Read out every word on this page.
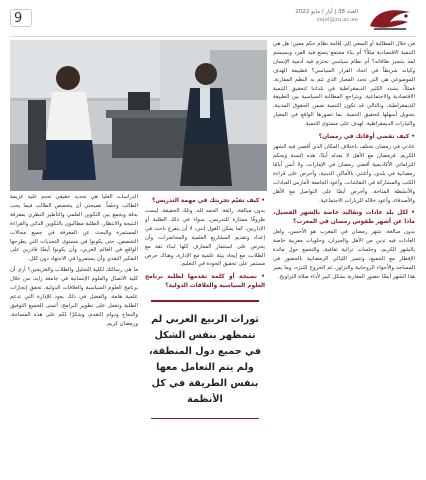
9	العدد 38 | أيار / مايو 2022
zajel@zu.ac.ae

من خلال المطالبة أو السعي إلى إقامة نظام حكم معين؛ هل هي التنمية الاقتصادية مثلاً؟ أم بناء مجتمع يتمتع فيه الفرد وبسيسم لمه بتنجيز طاقاته؟ أم نظام سياسي تحترم فيه آدمية الإنسان وكيانه شريطاً في اتحاد القرار السياسي؟ فطبيعة الهدف الموضوعي هي التي تحدد المعيار الذي تتم به النظم المقارنة، فمثلاً، يشدد الكثير الديمقراطية في بلداننا لتحقيق التنمية الاقتصادية والاجتماعية، ويتراجع المطالبة السياسية بين الطبيعة الديمقراطية، وبالتالي قد تكون التنمية ضمن الحقوق المدنية، بتحويل أسهلها لتحقيق التنمية، بما تصورها الواقع في المعيار والتيارات الديمقراطية، لهدف على مستوى التنمية.

• كيف تقضي أوقاتك في رمضان؟

عادتي في رمضان تختلف باختلاف المكان الذي أقضي فيه الشهر الكريم، فرمضان مع الأهل لا يعدله أبدًا، هذه السنة وبحكم التزاماتي الأكاديمية أقضي رمضان في الإمارات، ولا أنس أيامًا رمضانية في بلدي، وأعتني بالأماكن الدينية، وأحرص على قراءة الكتب والمشاركة في النقاشات، وأعود الجامعة لأمارس العبادات والأنشطة المتاحة، وأحرص أيضًا على التواصل مع الأهل والأصدقاء، وأعود خلاله للزيارات الاجتماعية.

• لكل بلد عادات وتقاليد خاصة بالشهر الفضيل، ماذا عن أشهر طقوس رمضان في المغرب؟

بدون مبالغة، شهر رمضان في المغرب هو الأحسن، ولعل العادات فيه تدين من الأهل والجيران، وحلويات مغربية خاصة بالشهر الكريم، وجلسات تراثية ثقافية، والتجمع حول مائدة الإفطار مع الجميع، وتتميز الليالي الرمضانية بالحضور في المساجد والأجواء الروحانية والتزاور، ثم الخروج للتنزه، وما يميز هذا الشهر أيضًا حضور المغاربة بشكل كبير لأداء صلاة التراويح.

• كيف تقيّم تجربتك في مهمة التدريس؟

بدون مبالغة، رائعة، الحمد لله، وتلك الحقيقة، ليست ظروفًا ممتازة للتدريس، سواء في ذلك الطلبة أو الإداريين، كما يمكن القول إنني، لا أن يتفرغ باحث في إعداد وتقديم المشاريع العلمية والمحاضرات، وأن يحرص على استثمار المعارف كلها لبناء ثقة مع الطلاب، مع إيجاد بيئة علمية مع الإدارة، وهناك حرص مستمر على تحقيق الجودة في التعليم.

• نصيحة أو كلمة تقدمها لطلبة برنامج العلوم السياسية والعلاقات الدولية؟

الدراسات العليا هي تحديد حقيقي تحتم عليه عزيمة الطالب وحلماً. نصيحتي أن يتخصص الطالب فيما يحب بدقة ويجمع بين التكوين العلمي والتأطير النظري بمعرفة النتيجة والانتظار، الطلبة مطالبون بالتكوين الذاتي والقراءة المستمرة والبحث عن المعرفة في جميع مجالات التخصص، حتى يكونوا في مستوى التحديات التي يطرحها الواقع في العالم العربي، وأن يكونوا أيضًا قادرين على التفكير النقدي وأن يستمروا في الاجتهاد دون كلل.

ما هي رسالتك لكلية التحليل والطلاب والخريجين؟ أرى أن كلية الاتصال والعلوم الإنسانية في جامعة زايد، من خلال برنامج العلوم السياسية والعلاقات الدولية، تحقق إنجازات علمية هامة، والفضل في ذلك يعود للإدارة التي تدعم الطلبة وتعمل على تطوير البرامج، أتمنى للجميع التوفيق والنجاح ودوام التقدم، وشكرًا لكم على هذه المساحة، ورمضان كريم.	ثورات الربيع العربي لم تتمظهر بنفس الشكل في جميع دول المنطقة، ولم يتم التعامل معها بنفس الطريقة في كل الأنظمة
